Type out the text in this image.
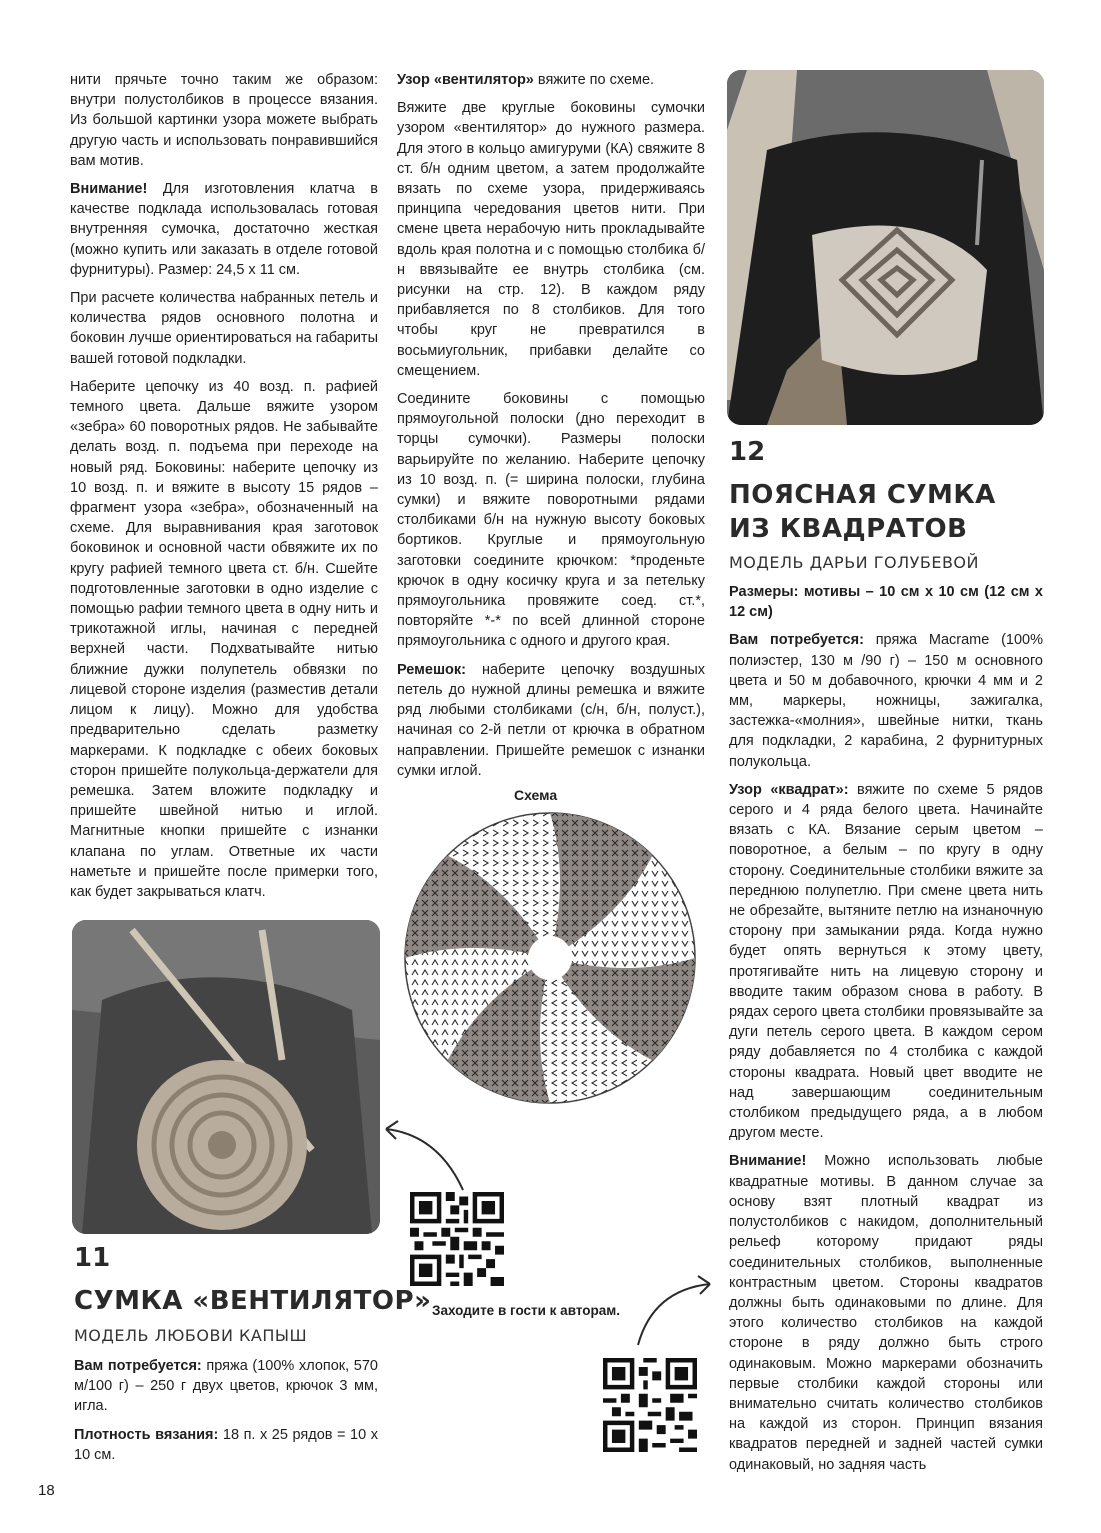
нити прячьте точно таким же образом: внутри полустолбиков в процессе вязания. Из большой картинки узора можете выбрать другую часть и использовать понравившийся вам мотив.

Внимание! Для изготовления клатча в качестве подклада использовалась готовая внутренняя сумочка, достаточно жесткая (можно купить или заказать в отделе готовой фурнитуры). Размер: 24,5 х 11 см.

При расчете количества набранных петель и количества рядов основного полотна и боковин лучше ориентироваться на габариты вашей готовой подкладки.

Наберите цепочку из 40 возд. п. рафией темного цвета. Дальше вяжите узором «зебра» 60 поворотных рядов. Не забывайте делать возд. п. подъема при переходе на новый ряд. Боковины: наберите цепочку из 10 возд. п. и вяжите в высоту 15 рядов – фрагмент узора «зебра», обозначенный на схеме. Для выравнивания края заготовок боковинок и основной части обвяжите их по кругу рафией темного цвета ст. б/н. Сшейте подготовленные заготовки в одно изделие с помощью рафии темного цвета в одну нить и трикотажной иглы, начиная с передней верхней части. Подхватывайте нитью ближние дужки полупетель обвязки по лицевой стороне изделия (разместив детали лицом к лицу). Можно для удобства предварительно сделать разметку маркерами. К подкладке с обеих боковых сторон пришейте полукольца-держатели для ремешка. Затем вложите подкладку и пришейте швейной нитью и иглой. Магнитные кнопки пришейте с изнанки клапана по углам. Ответные их части наметьте и пришейте после примерки того, как будет закрываться клатч.

Узор «вентилятор» вяжите по схеме.

Вяжите две круглые боковины сумочки узором «вентилятор» до нужного размера. Для этого в кольцо амигуруми (КА) свяжите 8 ст. б/н одним цветом, а затем продолжайте вязать по схеме узора, придерживаясь принципа чередования цветов нити. При смене цвета нерабочую нить прокладывайте вдоль края полотна и с помощью столбика б/н ввязывайте ее внутрь столбика (см. рисунки на стр. 12). В каждом ряду прибавляется по 8 столбиков. Для того чтобы круг не превратился в восьмиугольник, прибавки делайте со смещением.

Соедините боковины с помощью прямоугольной полоски (дно переходит в торцы сумочки). Размеры полоски варьируйте по желанию. Наберите цепочку из 10 возд. п. (= ширина полоски, глубина сумки) и вяжите поворотными рядами столбиками б/н на нужную высоту боковых бортиков. Круглые и прямоугольную заготовки соедините крючком: *проденьте крючок в одну косичку круга и за петельку прямоугольника провяжите соед. ст.*, повторяйте *-* по всей длинной стороне прямоугольника с одного и другого края.

Ремешок: наберите цепочку воздушных петель до нужной длины ремешка и вяжите ряд любыми столбиками (с/н, б/н, полуст.), начиная со 2-й петли от крючка в обратном направлении. Пришейте ремешок с изнанки сумки иглой.

12
ПОЯСНАЯ СУМКА
ИЗ КВАДРАТОВ
МОДЕЛЬ ДАРЬИ ГОЛУБЕВОЙ

Размеры: мотивы – 10 см х 10 см (12 см х 12 см)

Вам потребуется: пряжа Macrame (100% полиэстер, 130 м /90 г) – 150 м основного цвета и 50 м добавочного, крючки 4 мм и 2 мм, маркеры, ножницы, зажигалка, застежка-«молния», швейные нитки, ткань для подкладки, 2 карабина, 2 фурнитурных полукольца.

Узор «квадрат»: вяжите по схеме 5 рядов серого и 4 ряда белого цвета. Начинайте вязать с КА. Вязание серым цветом – поворотное, а белым – по кругу в одну сторону. Соединительные столбики вяжите за переднюю полупетлю. При смене цвета нить не обрезайте, вытяните петлю на изнаночную сторону при замыкании ряда. Когда нужно будет опять вернуться к этому цвету, протягивайте нить на лицевую сторону и вводите таким образом снова в работу. В рядах серого цвета столбики провязывайте за дуги петель серого цвета. В каждом сером ряду добавляется по 4 столбика с каждой стороны квадрата. Новый цвет вводите не над завершающим соединительным столбиком предыдущего ряда, а в любом другом месте.

Внимание! Можно использовать любые квадратные мотивы. В данном случае за основу взят плотный квадрат из полустолбиков с накидом, дополнительный рельеф которому придают ряды соединительных столбиков, выполненные контрастным цветом. Стороны квадратов должны быть одинаковыми по длине. Для этого количество столбиков на каждой стороне в ряду должно быть строго одинаковым. Можно маркерами обозначить первые столбики каждой стороны или внимательно считать количество столбиков на каждой из сторон. Принцип вязания квадратов передней и задней частей сумки одинаковый, но задняя часть

Схема
11
СУМКА «ВЕНТИЛЯТОР»
МОДЕЛЬ ЛЮБОВИ КАПЫШ

Вам потребуется: пряжа (100% хлопок, 570 м/100 г) – 250 г двух цветов, крючок 3 мм, игла.

Плотность вязания: 18 п. х 25 рядов = 10 х 10 см.

Заходите в гости к авторам.
18
